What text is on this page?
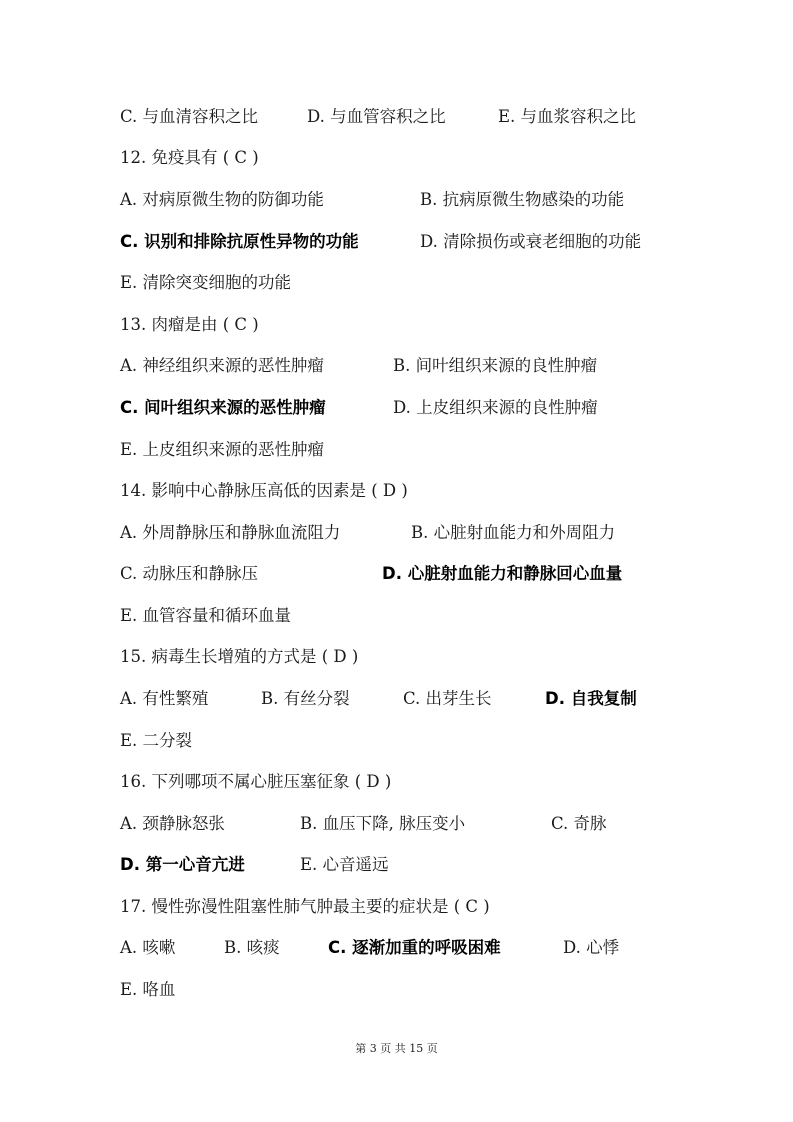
C. 与血清容积之比	D. 与血管容积之比	E. 与血浆容积之比
12. 免疫具有 ( C )
A. 对病原微生物的防御功能	B. 抗病原微生物感染的功能
C. 识别和排除抗原性异物的功能	D. 清除损伤或衰老细胞的功能
E. 清除突变细胞的功能
13. 肉瘤是由 ( C )
A. 神经组织来源的恶性肿瘤	B. 间叶组织来源的良性肿瘤
C. 间叶组织来源的恶性肿瘤	D. 上皮组织来源的良性肿瘤
E. 上皮组织来源的恶性肿瘤
14. 影响中心静脉压高低的因素是 ( D )
A. 外周静脉压和静脉血流阻力	B. 心脏射血能力和外周阻力
C. 动脉压和静脉压	D. 心脏射血能力和静脉回心血量
E. 血管容量和循环血量
15. 病毒生长增殖的方式是 ( D )
A. 有性繁殖	B. 有丝分裂	C. 出芽生长	D. 自我复制
E. 二分裂
16. 下列哪项不属心脏压塞征象 ( D )
A. 颈静脉怒张	B. 血压下降, 脉压变小	C. 奇脉
D. 第一心音亢进	E. 心音遥远
17. 慢性弥漫性阻塞性肺气肿最主要的症状是 ( C )
A. 咳嗽	B. 咳痰	C. 逐渐加重的呼吸困难	D. 心悸
E. 咯血
第 3 页 共 15 页
